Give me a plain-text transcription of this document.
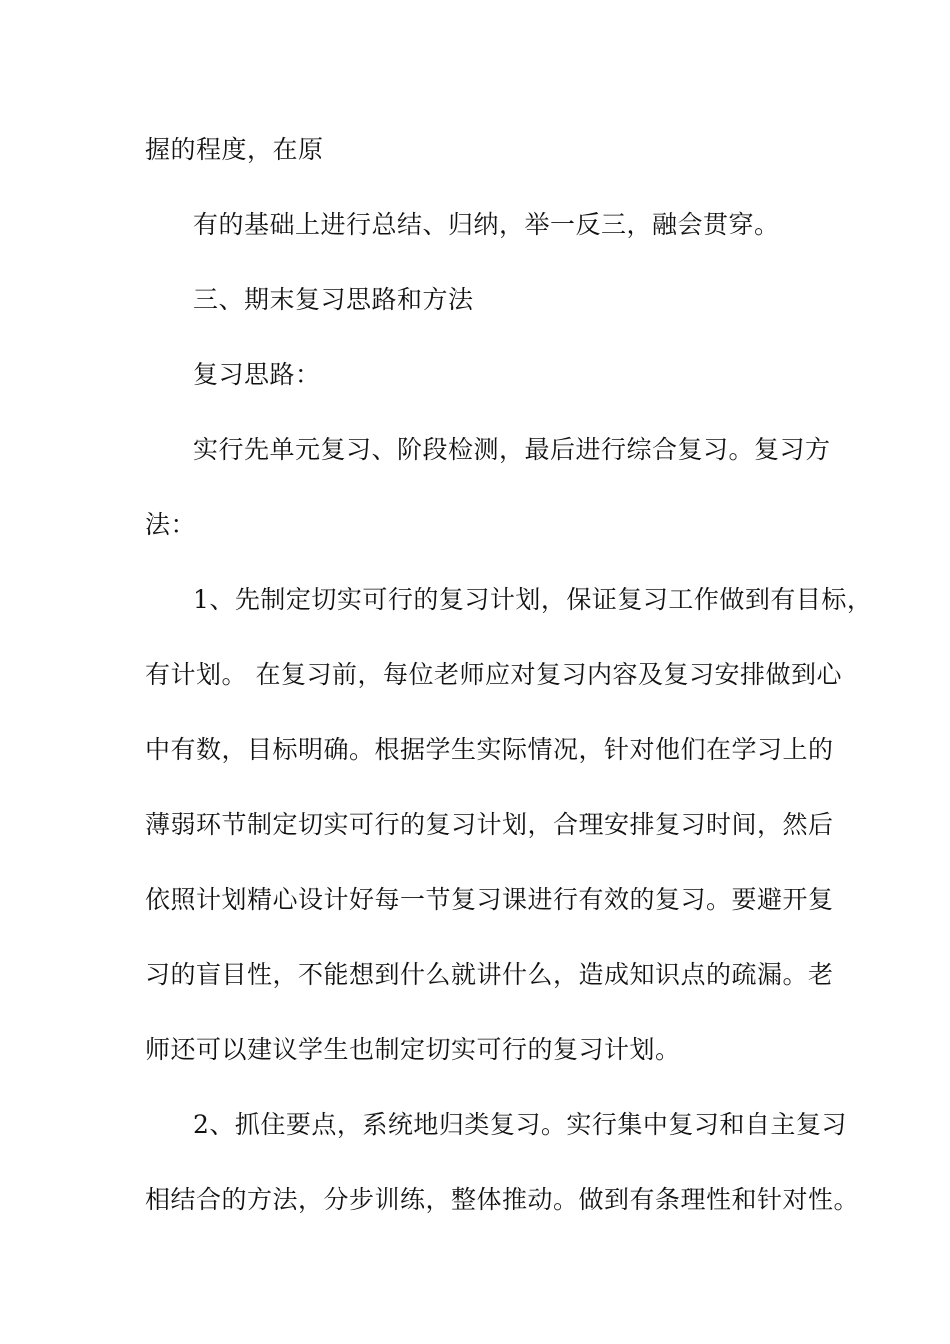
握的程度，在原
有的基础上进行总结、归纳，举一反三，融会贯穿。
三、期末复习思路和方法
复习思路：
实行先单元复习、阶段检测，最后进行综合复习。复习方
法：
1、先制定切实可行的复习计划，保证复习工作做到有目标，
有计划。 在复习前，每位老师应对复习内容及复习安排做到心
中有数，目标明确。根据学生实际情况，针对他们在学习上的
薄弱环节制定切实可行的复习计划，合理安排复习时间，然后
依照计划精心设计好每一节复习课进行有效的复习。要避开复
习的盲目性，不能想到什么就讲什么，造成知识点的疏漏。老
师还可以建议学生也制定切实可行的复习计划。
2、抓住要点，系统地归类复习。实行集中复习和自主复习
相结合的方法，分步训练，整体推动。做到有条理性和针对性。
